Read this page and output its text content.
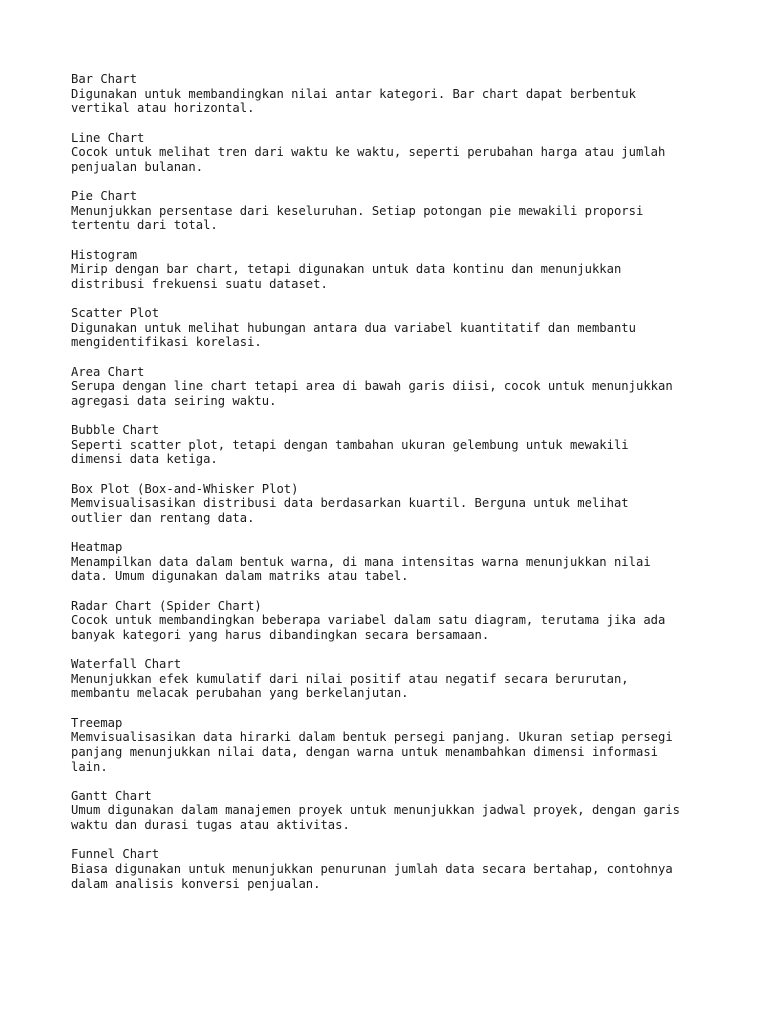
Bar Chart
Digunakan untuk membandingkan nilai antar kategori. Bar chart dapat berbentuk
vertikal atau horizontal.
Line Chart
Cocok untuk melihat tren dari waktu ke waktu, seperti perubahan harga atau jumlah
penjualan bulanan.
Pie Chart
Menunjukkan persentase dari keseluruhan. Setiap potongan pie mewakili proporsi
tertentu dari total.
Histogram
Mirip dengan bar chart, tetapi digunakan untuk data kontinu dan menunjukkan
distribusi frekuensi suatu dataset.
Scatter Plot
Digunakan untuk melihat hubungan antara dua variabel kuantitatif dan membantu
mengidentifikasi korelasi.
Area Chart
Serupa dengan line chart tetapi area di bawah garis diisi, cocok untuk menunjukkan
agregasi data seiring waktu.
Bubble Chart
Seperti scatter plot, tetapi dengan tambahan ukuran gelembung untuk mewakili
dimensi data ketiga.
Box Plot (Box-and-Whisker Plot)
Memvisualisasikan distribusi data berdasarkan kuartil. Berguna untuk melihat
outlier dan rentang data.
Heatmap
Menampilkan data dalam bentuk warna, di mana intensitas warna menunjukkan nilai
data. Umum digunakan dalam matriks atau tabel.
Radar Chart (Spider Chart)
Cocok untuk membandingkan beberapa variabel dalam satu diagram, terutama jika ada
banyak kategori yang harus dibandingkan secara bersamaan.
Waterfall Chart
Menunjukkan efek kumulatif dari nilai positif atau negatif secara berurutan,
membantu melacak perubahan yang berkelanjutan.
Treemap
Memvisualisasikan data hirarki dalam bentuk persegi panjang. Ukuran setiap persegi
panjang menunjukkan nilai data, dengan warna untuk menambahkan dimensi informasi
lain.
Gantt Chart
Umum digunakan dalam manajemen proyek untuk menunjukkan jadwal proyek, dengan garis
waktu dan durasi tugas atau aktivitas.
Funnel Chart
Biasa digunakan untuk menunjukkan penurunan jumlah data secara bertahap, contohnya
dalam analisis konversi penjualan.
